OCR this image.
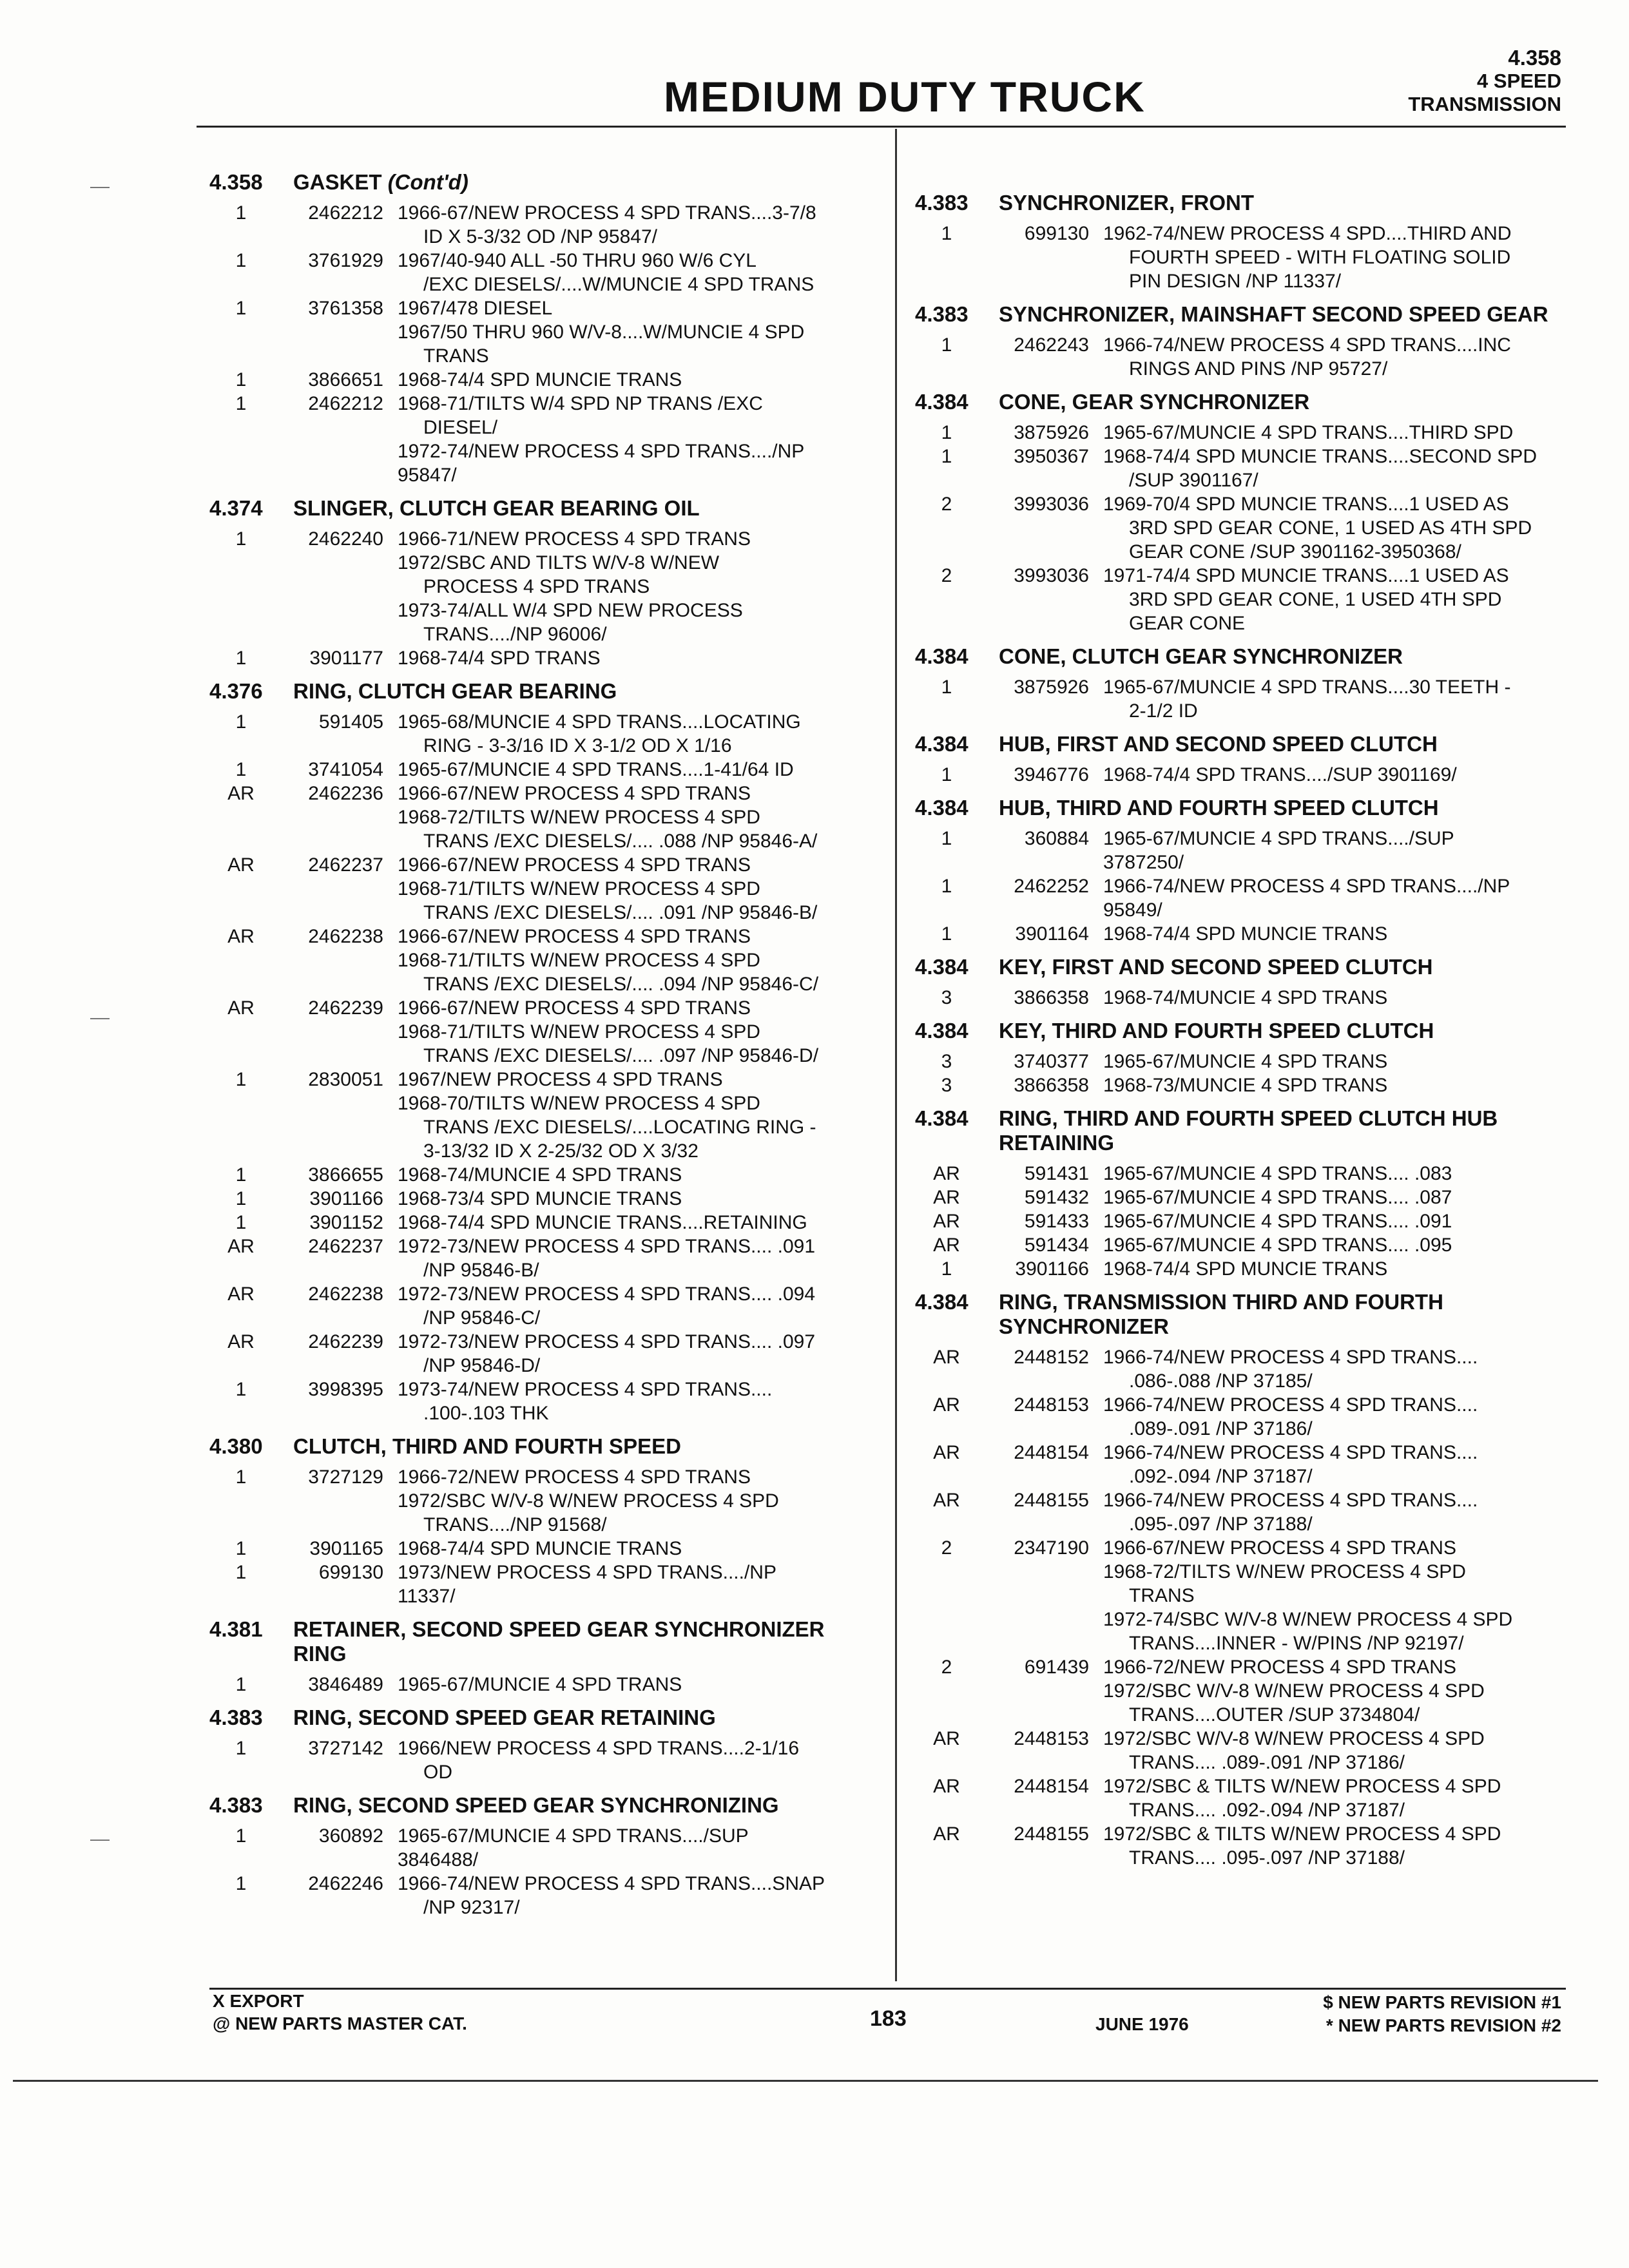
MEDIUM DUTY TRUCK
4.358
4 SPEED
TRANSMISSION
4.358	GASKET (Cont'd)
1	2462212 1966-67/NEW PROCESS 4 SPD TRANS....3-7/8
ID X 5-3/32 OD /NP 95847/
1	3761929 1967/40-940 ALL -50 THRU 960 W/6 CYL
/EXC DIESELS/....W/MUNCIE 4 SPD TRANS
1	3761358 1967/478 DIESEL
1967/50 THRU 960 W/V-8....W/MUNCIE 4 SPD
TRANS
1	3866651 1968-74/4 SPD MUNCIE TRANS
1	2462212 1968-71/TILTS W/4 SPD NP TRANS /EXC
DIESEL/
1972-74/NEW PROCESS 4 SPD TRANS..../NP
95847/
4.374	SLINGER, CLUTCH GEAR BEARING OIL
1	2462240 1966-71/NEW PROCESS 4 SPD TRANS
1972/SBC AND TILTS W/V-8 W/NEW
PROCESS 4 SPD TRANS
1973-74/ALL W/4 SPD NEW PROCESS
TRANS..../NP 96006/
1	3901177 1968-74/4 SPD TRANS
4.376	RING, CLUTCH GEAR BEARING
1	591405 1965-68/MUNCIE 4 SPD TRANS....LOCATING
RING - 3-3/16 ID X 3-1/2 OD X 1/16
1	3741054 1965-67/MUNCIE 4 SPD TRANS....1-41/64 ID
AR	2462236 1966-67/NEW PROCESS 4 SPD TRANS
1968-72/TILTS W/NEW PROCESS 4 SPD
TRANS /EXC DIESELS/.... .088 /NP 95846-A/
AR	2462237 1966-67/NEW PROCESS 4 SPD TRANS
1968-71/TILTS W/NEW PROCESS 4 SPD
TRANS /EXC DIESELS/.... .091 /NP 95846-B/
AR	2462238 1966-67/NEW PROCESS 4 SPD TRANS
1968-71/TILTS W/NEW PROCESS 4 SPD
TRANS /EXC DIESELS/.... .094 /NP 95846-C/
AR	2462239 1966-67/NEW PROCESS 4 SPD TRANS
1968-71/TILTS W/NEW PROCESS 4 SPD
TRANS /EXC DIESELS/.... .097 /NP 95846-D/
1	2830051 1967/NEW PROCESS 4 SPD TRANS
1968-70/TILTS W/NEW PROCESS 4 SPD
TRANS /EXC DIESELS/....LOCATING RING -
3-13/32 ID X 2-25/32 OD X 3/32
1	3866655 1968-74/MUNCIE 4 SPD TRANS
1	3901166 1968-73/4 SPD MUNCIE TRANS
1	3901152 1968-74/4 SPD MUNCIE TRANS....RETAINING
AR	2462237 1972-73/NEW PROCESS 4 SPD TRANS.... .091
/NP 95846-B/
AR	2462238 1972-73/NEW PROCESS 4 SPD TRANS.... .094
/NP 95846-C/
AR	2462239 1972-73/NEW PROCESS 4 SPD TRANS.... .097
/NP 95846-D/
1	3998395 1973-74/NEW PROCESS 4 SPD TRANS....
.100-.103 THK
4.380	CLUTCH, THIRD AND FOURTH SPEED
1	3727129 1966-72/NEW PROCESS 4 SPD TRANS
1972/SBC W/V-8 W/NEW PROCESS 4 SPD
TRANS..../NP 91568/
1	3901165 1968-74/4 SPD MUNCIE TRANS
1	699130 1973/NEW PROCESS 4 SPD TRANS..../NP
11337/
4.381	RETAINER, SECOND SPEED GEAR SYNCHRONIZER RING
1	3846489 1965-67/MUNCIE 4 SPD TRANS
4.383	RING, SECOND SPEED GEAR RETAINING
1	3727142 1966/NEW PROCESS 4 SPD TRANS....2-1/16
OD
4.383	RING, SECOND SPEED GEAR SYNCHRONIZING
1	360892 1965-67/MUNCIE 4 SPD TRANS..../SUP
3846488/
1	2462246 1966-74/NEW PROCESS 4 SPD TRANS....SNAP
/NP 92317/
4.383	SYNCHRONIZER, FRONT
1	699130 1962-74/NEW PROCESS 4 SPD....THIRD AND
FOURTH SPEED - WITH FLOATING SOLID
PIN DESIGN /NP 11337/
4.383	SYNCHRONIZER, MAINSHAFT SECOND SPEED GEAR
1	2462243 1966-74/NEW PROCESS 4 SPD TRANS....INC
RINGS AND PINS /NP 95727/
4.384	CONE, GEAR SYNCHRONIZER
1	3875926 1965-67/MUNCIE 4 SPD TRANS....THIRD SPD
1	3950367 1968-74/4 SPD MUNCIE TRANS....SECOND SPD
/SUP 3901167/
2	3993036 1969-70/4 SPD MUNCIE TRANS....1 USED AS
3RD SPD GEAR CONE, 1 USED AS 4TH SPD
GEAR CONE /SUP 3901162-3950368/
2	3993036 1971-74/4 SPD MUNCIE TRANS....1 USED AS
3RD SPD GEAR CONE, 1 USED 4TH SPD
GEAR CONE
4.384	CONE, CLUTCH GEAR SYNCHRONIZER
1	3875926 1965-67/MUNCIE 4 SPD TRANS....30 TEETH -
2-1/2 ID
4.384	HUB, FIRST AND SECOND SPEED CLUTCH
1	3946776 1968-74/4 SPD TRANS..../SUP 3901169/
4.384	HUB, THIRD AND FOURTH SPEED CLUTCH
1	360884 1965-67/MUNCIE 4 SPD TRANS..../SUP
3787250/
1	2462252 1966-74/NEW PROCESS 4 SPD TRANS..../NP
95849/
1	3901164 1968-74/4 SPD MUNCIE TRANS
4.384	KEY, FIRST AND SECOND SPEED CLUTCH
3	3866358 1968-74/MUNCIE 4 SPD TRANS
4.384	KEY, THIRD AND FOURTH SPEED CLUTCH
3	3740377 1965-67/MUNCIE 4 SPD TRANS
3	3866358 1968-73/MUNCIE 4 SPD TRANS
4.384	RING, THIRD AND FOURTH SPEED CLUTCH HUB RETAINING
AR	591431 1965-67/MUNCIE 4 SPD TRANS.... .083
AR	591432 1965-67/MUNCIE 4 SPD TRANS.... .087
AR	591433 1965-67/MUNCIE 4 SPD TRANS.... .091
AR	591434 1965-67/MUNCIE 4 SPD TRANS.... .095
1	3901166 1968-74/4 SPD MUNCIE TRANS
4.384	RING, TRANSMISSION THIRD AND FOURTH SYNCHRONIZER
AR	2448152 1966-74/NEW PROCESS 4 SPD TRANS....
.086-.088 /NP 37185/
AR	2448153 1966-74/NEW PROCESS 4 SPD TRANS....
.089-.091 /NP 37186/
AR	2448154 1966-74/NEW PROCESS 4 SPD TRANS....
.092-.094 /NP 37187/
AR	2448155 1966-74/NEW PROCESS 4 SPD TRANS....
.095-.097 /NP 37188/
2	2347190 1966-67/NEW PROCESS 4 SPD TRANS
1968-72/TILTS W/NEW PROCESS 4 SPD
TRANS
1972-74/SBC W/V-8 W/NEW PROCESS 4 SPD
TRANS....INNER - W/PINS /NP 92197/
2	691439 1966-72/NEW PROCESS 4 SPD TRANS
1972/SBC W/V-8 W/NEW PROCESS 4 SPD
TRANS....OUTER /SUP 3734804/
AR	2448153 1972/SBC W/V-8 W/NEW PROCESS 4 SPD
TRANS.... .089-.091 /NP 37186/
AR	2448154 1972/SBC & TILTS W/NEW PROCESS 4 SPD
TRANS.... .092-.094 /NP 37187/
AR	2448155 1972/SBC & TILTS W/NEW PROCESS 4 SPD
TRANS.... .095-.097 /NP 37188/
X EXPORT
@ NEW PARTS MASTER CAT.	183	JUNE 1976
$ NEW PARTS REVISION #1
* NEW PARTS REVISION #2
